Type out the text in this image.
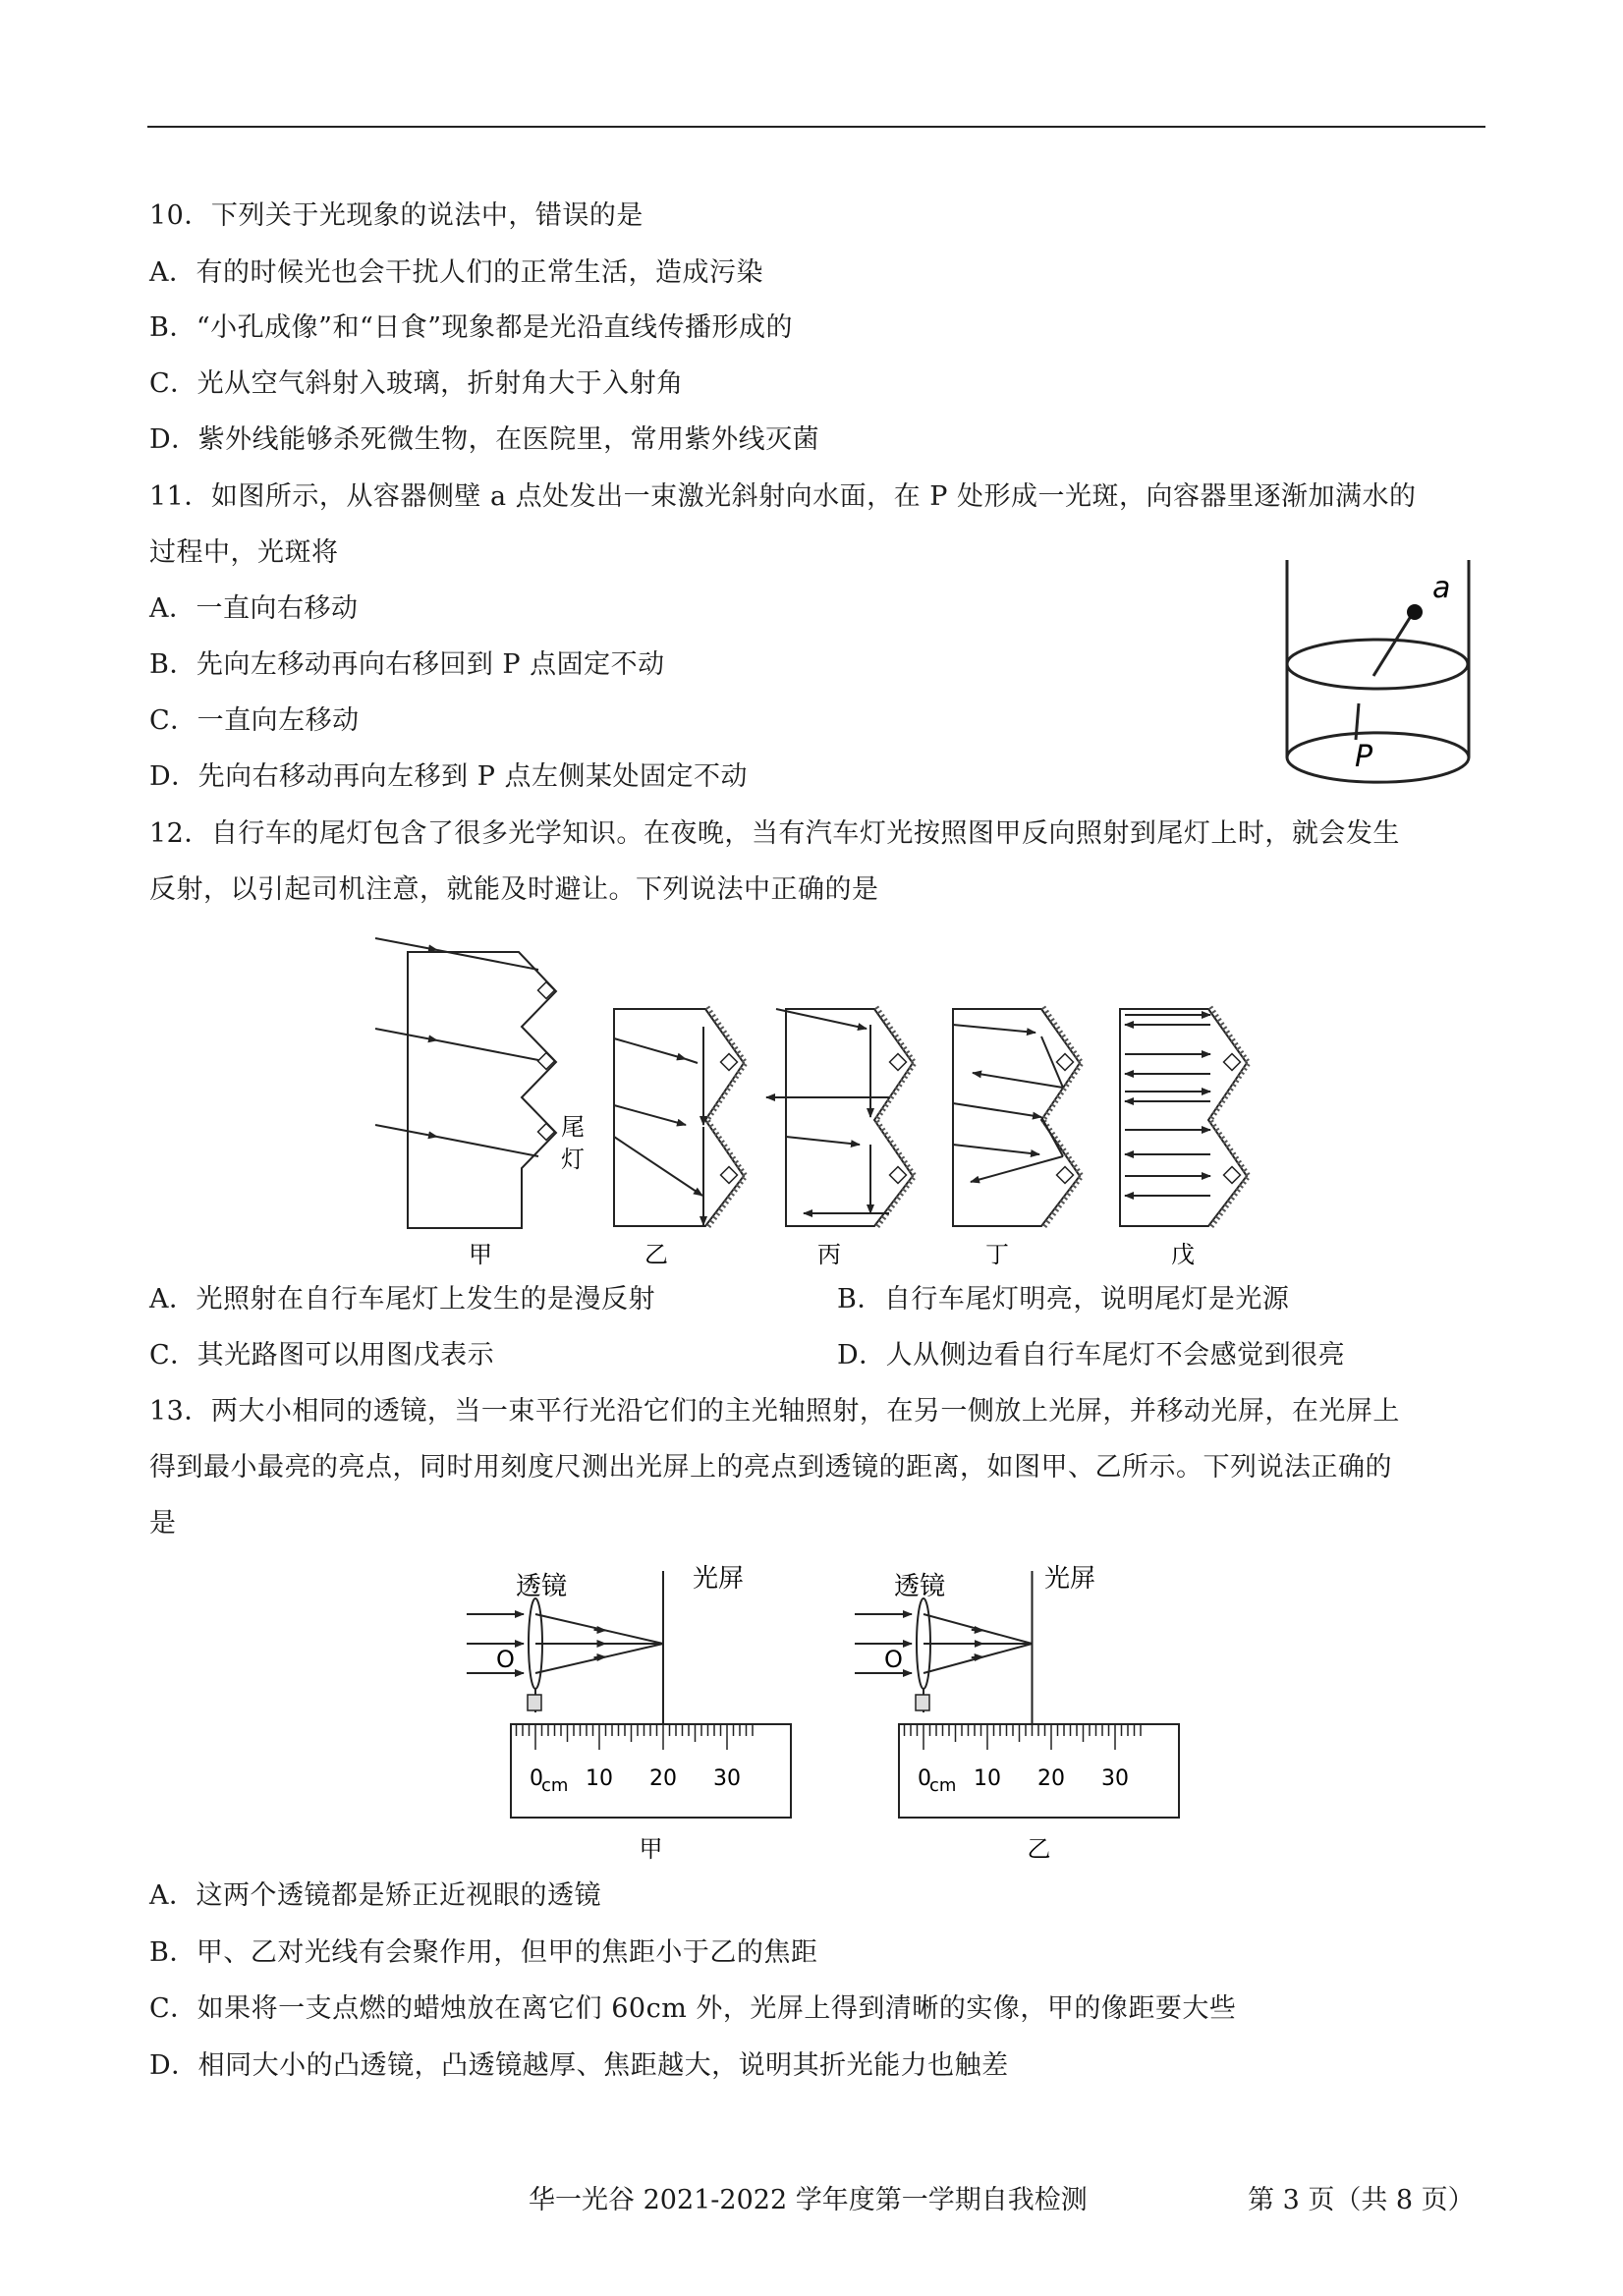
10．下列关于光现象的说法中，错误的是
A．有的时候光也会干扰人们的正常生活，造成污染
B．“小孔成像”和“日食”现象都是光沿直线传播形成的
C．光从空气斜射入玻璃，折射角大于入射角
D．紫外线能够杀死微生物，在医院里，常用紫外线灭菌
11．如图所示，从容器侧壁 a 点处发出一束激光斜射向水面，在 P 处形成一光斑，向容器里逐渐加满水的
过程中，光斑将
A．一直向右移动
B．先向左移动再向右移回到 P 点固定不动
C．一直向左移动
D．先向右移动再向左移到 P 点左侧某处固定不动
a
P
12．自行车的尾灯包含了很多光学知识。在夜晚，当有汽车灯光按照图甲反向照射到尾灯上时，就会发生
反射，以引起司机注意，就能及时避让。下列说法中正确的是
尾
灯
甲	乙	丙	丁	戊
A．光照射在自行车尾灯上发生的是漫反射	B．自行车尾灯明亮，说明尾灯是光源
C．其光路图可以用图戊表示	D．人从侧边看自行车尾灯不会感觉到很亮
13．两大小相同的透镜，当一束平行光沿它们的主光轴照射，在另一侧放上光屏，并移动光屏，在光屏上
得到最小最亮的亮点，同时用刻度尺测出光屏上的亮点到透镜的距离，如图甲、乙所示。下列说法正确的
是
透镜	光屏
O
0
cm 10 20 30
甲
透镜	光屏
O
0
cm 10 20 30
乙
A．这两个透镜都是矫正近视眼的透镜
B．甲、乙对光线有会聚作用，但甲的焦距小于乙的焦距
C．如果将一支点燃的蜡烛放在离它们 60cm 外，光屏上得到清晰的实像，甲的像距要大些
D．相同大小的凸透镜，凸透镜越厚、焦距越大，说明其折光能力也触差
华一光谷 2021-2022 学年度第一学期自我检测	第 3 页（共 8 页）
